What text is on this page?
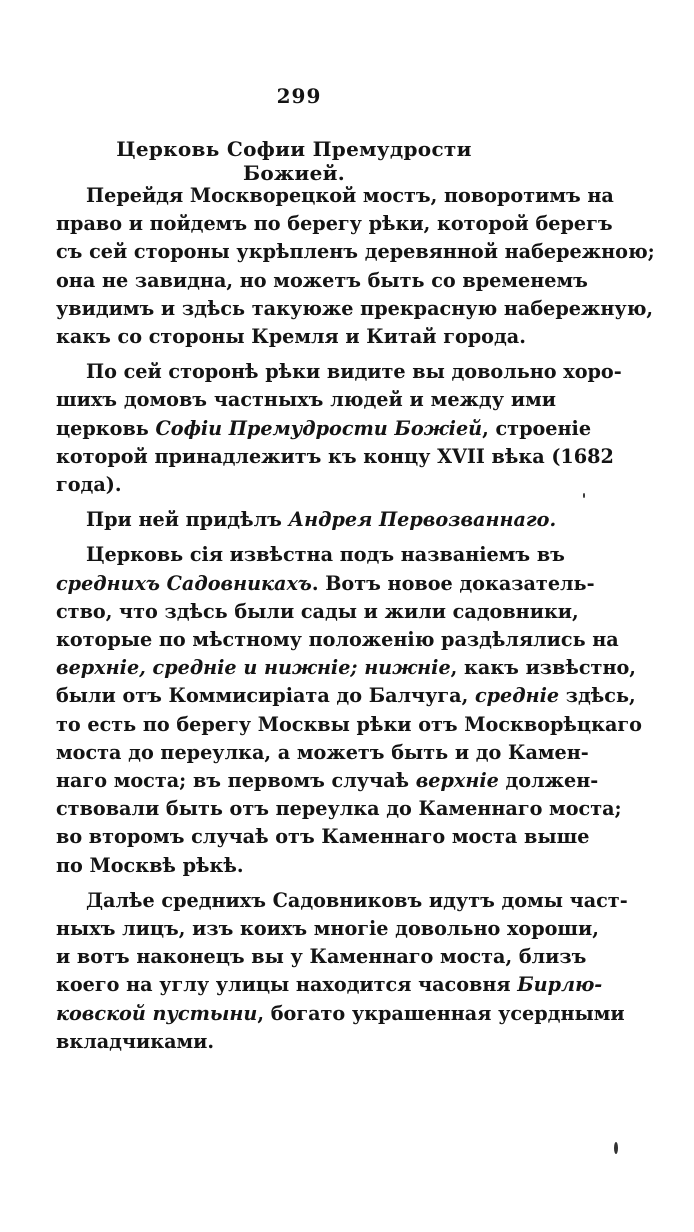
299
Церковь Софии Премудрости Божией.
Перейдя Москворецкой мостъ, поворотимъ на
право и пойдемъ по берегу рѣки, которой берегъ
съ сей стороны укрѣпленъ деревянной набережною;
она не завидна, но можетъ быть со временемъ
увидимъ и здѣсь такуюже прекрасную набережную,
какъ со стороны Кремля и Китай города.
По сей сторонѣ рѣки видите вы довольно хоро-
шихъ домовъ частныхъ людей и между ими
церковь Софіи Премудрости Божiей, строеніе
которой принадлежитъ къ концу XVII вѣка (1682
года).
При ней придѣлъ Андрея Первозваннаго.
Церковь сія извѣстна подъ названіемъ въ
среднихъ Садовникахъ. Вотъ новое доказатель-
ство, что здѣсь были сады и жили садовники,
которые по мѣстному положенію раздѣлялись на
верхніе, средніе и нижніе; нижніе, какъ извѣстно,
были отъ Коммисиріата до Балчуга, средніе здѣсь,
то есть по берегу Москвы рѣки отъ Москворѣцкаго
моста до переулка, а можетъ быть и до Камен-
наго моста; въ первомъ случаѣ верхніе должен-
ствовали быть отъ переулка до Каменнаго моста;
во второмъ случаѣ отъ Каменнаго моста выше
по Москвѣ рѣкѣ.
Далѣе среднихъ Садовниковъ идутъ домы част-
ныхъ лицъ, изъ коихъ многіе довольно хороши,
и вотъ наконецъ вы у Каменнаго моста, близъ
коего на углу улицы находится часовня Бирлю-
ковской пустыни, богато украшенная усердными
вкладчиками.
